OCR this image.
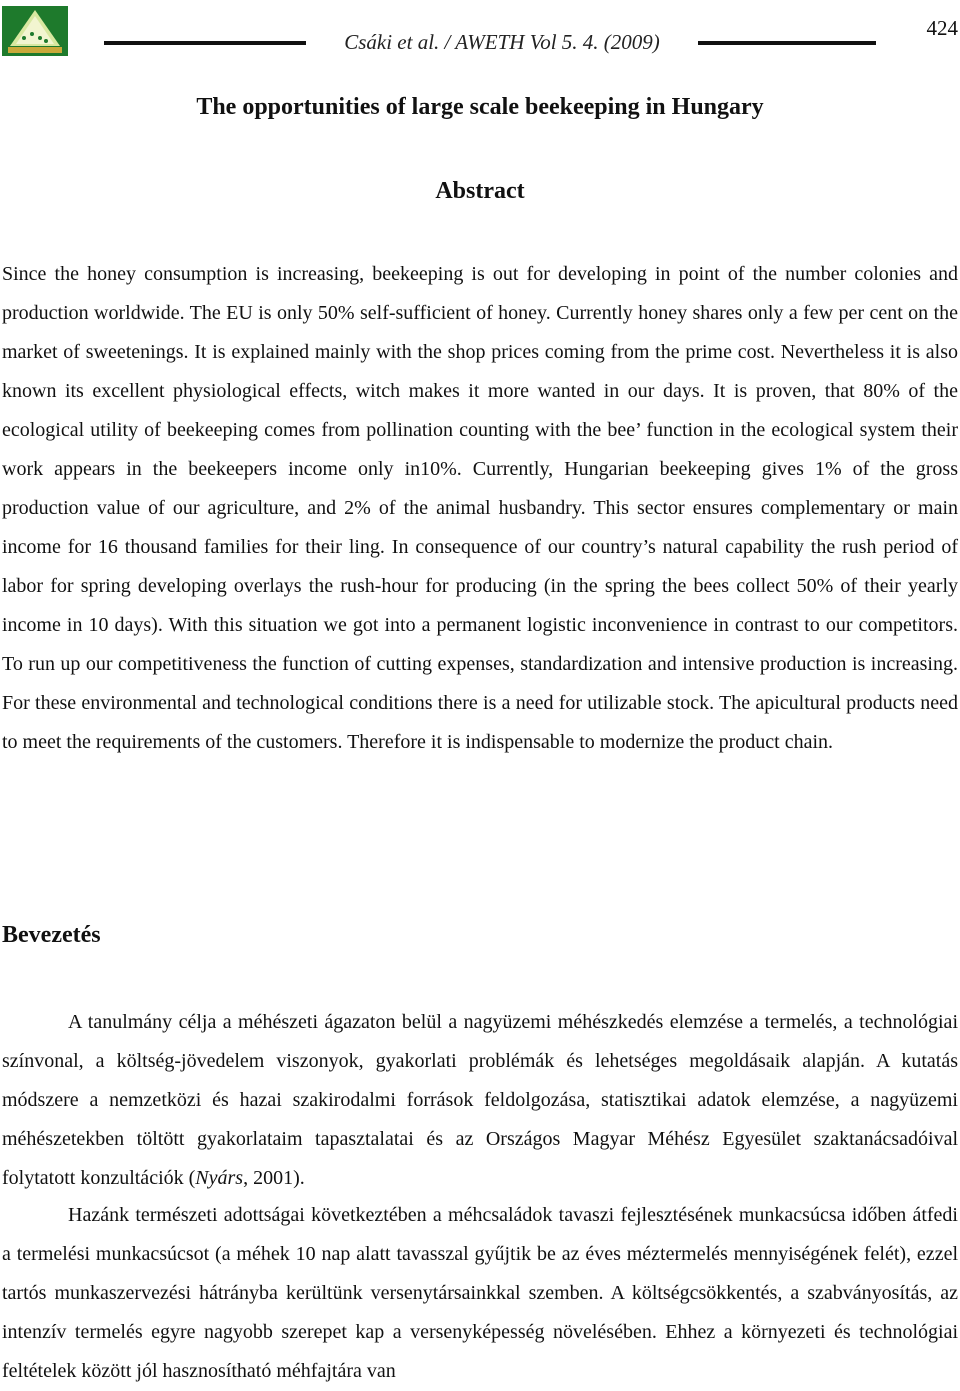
Csáki et al. / AWETH Vol 5. 4. (2009)
424
The opportunities of large scale beekeeping in Hungary
Abstract

Since the honey consumption is increasing, beekeeping is out for developing in point of the number colonies and production worldwide. The EU is only 50% self-sufficient of honey. Currently honey shares only a few per cent on the market of sweetenings. It is explained mainly with the shop prices coming from the prime cost. Nevertheless it is also known its excellent physiological effects, witch makes it more wanted in our days. It is proven, that 80% of the ecological utility of beekeeping comes from pollination counting with the bee’ function in the ecological system their work appears in the beekeepers income only in10%. Currently, Hungarian beekeeping gives 1% of the gross production value of our agriculture, and 2% of the animal husbandry. This sector ensures complementary or main income for 16 thousand families for their ling. In consequence of our country’s natural capability the rush period of labor for spring developing overlays the rush-hour for producing (in the spring the bees collect 50% of their yearly income in 10 days). With this situation we got into a permanent logistic inconvenience in contrast to our competitors. To run up our competitiveness the function of cutting expenses, standardization and intensive production is increasing. For these environmental and technological conditions there is a need for utilizable stock. The apicultural products need to meet the requirements of the customers. Therefore it is indispensable to modernize the product chain.

Bevezetés

A tanulmány célja a méhészeti ágazaton belül a nagyüzemi méhészkedés elemzése a termelés, a technológiai színvonal, a költség-jövedelem viszonyok, gyakorlati problémák és lehetséges megoldásaik alapján. A kutatás módszere a nemzetközi és hazai szakirodalmi források feldolgozása, statisztikai adatok elemzése, a nagyüzemi méhészetekben töltött gyakorlataim tapasztalatai és az Országos Magyar Méhész Egyesület szaktanácsadóival folytatott konzultációk (Nyárs, 2001).

Hazánk természeti adottságai következtében a méhcsaládok tavaszi fejlesztésének munkacsúcsa időben átfedi a termelési munkacsúcsot (a méhek 10 nap alatt tavasszal gyűjtik be az éves méztermelés mennyiségének felét), ezzel tartós munkaszervezési hátrányba kerültünk versenytársainkkal szemben. A költségcsökkentés, a szabványosítás, az intenzív termelés egyre nagyobb szerepet kap a versenyképesség növelésében. Ehhez a környezeti és technológiai feltételek között jól hasznosítható méhfajtára van
